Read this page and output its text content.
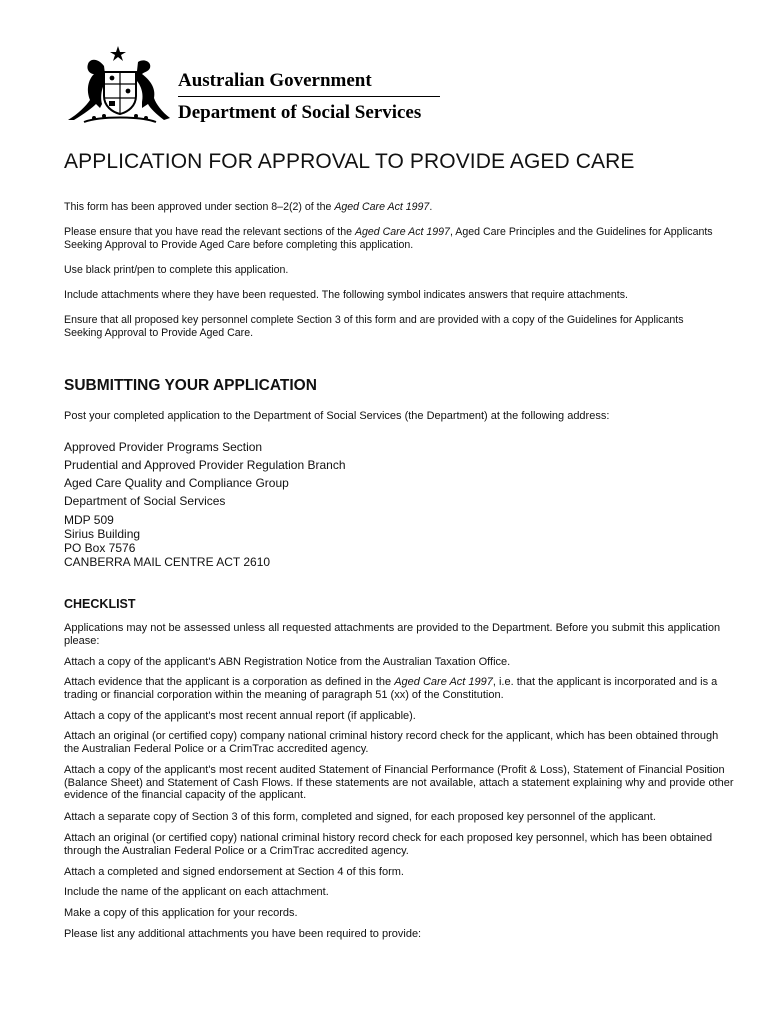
Australian Government
Department of Social Services
APPLICATION FOR APPROVAL TO PROVIDE AGED CARE

This form has been approved under section 8–2(2) of the Aged Care Act 1997.

Please ensure that you have read the relevant sections of the Aged Care Act 1997, Aged Care Principles and the Guidelines for Applicants Seeking Approval to Provide Aged Care before completing this application.

Use black print/pen to complete this application.

Include attachments where they have been requested. The following symbol indicates answers that require attachments.

Ensure that all proposed key personnel complete Section 3 of this form and are provided with a copy of the Guidelines for Applicants Seeking Approval to Provide Aged Care.

SUBMITTING YOUR APPLICATION

Post your completed application to the Department of Social Services (the Department) at the following address:

Approved Provider Programs Section

Prudential and Approved Provider Regulation Branch

Aged Care Quality and Compliance Group

Department of Social Services

MDP 509

Sirius Building

PO Box 7576

CANBERRA MAIL CENTRE ACT 2610

CHECKLIST

Applications may not be assessed unless all requested attachments are provided to the Department. Before you submit this application please:

Attach a copy of the applicant's ABN Registration Notice from the Australian Taxation Office.

Attach evidence that the applicant is a corporation as defined in the Aged Care Act 1997, i.e. that the applicant is incorporated and is a trading or financial corporation within the meaning of paragraph 51 (xx) of the Constitution.

Attach a copy of the applicant's most recent annual report (if applicable).

Attach an original (or certified copy) company national criminal history record check for the applicant, which has been obtained through the Australian Federal Police or a CrimTrac accredited agency.

Attach a copy of the applicant's most recent audited Statement of Financial Performance (Profit & Loss), Statement of Financial Position (Balance Sheet) and Statement of Cash Flows. If these statements are not available, attach a statement explaining why and provide other evidence of the financial capacity of the applicant.

Attach a separate copy of Section 3 of this form, completed and signed, for each proposed key personnel of the applicant.

Attach an original (or certified copy) national criminal history record check for each proposed key personnel, which has been obtained through the Australian Federal Police or a CrimTrac accredited agency.

Attach a completed and signed endorsement at Section 4 of this form.

Include the name of the applicant on each attachment.

Make a copy of this application for your records.

Please list any additional attachments you have been required to provide:
